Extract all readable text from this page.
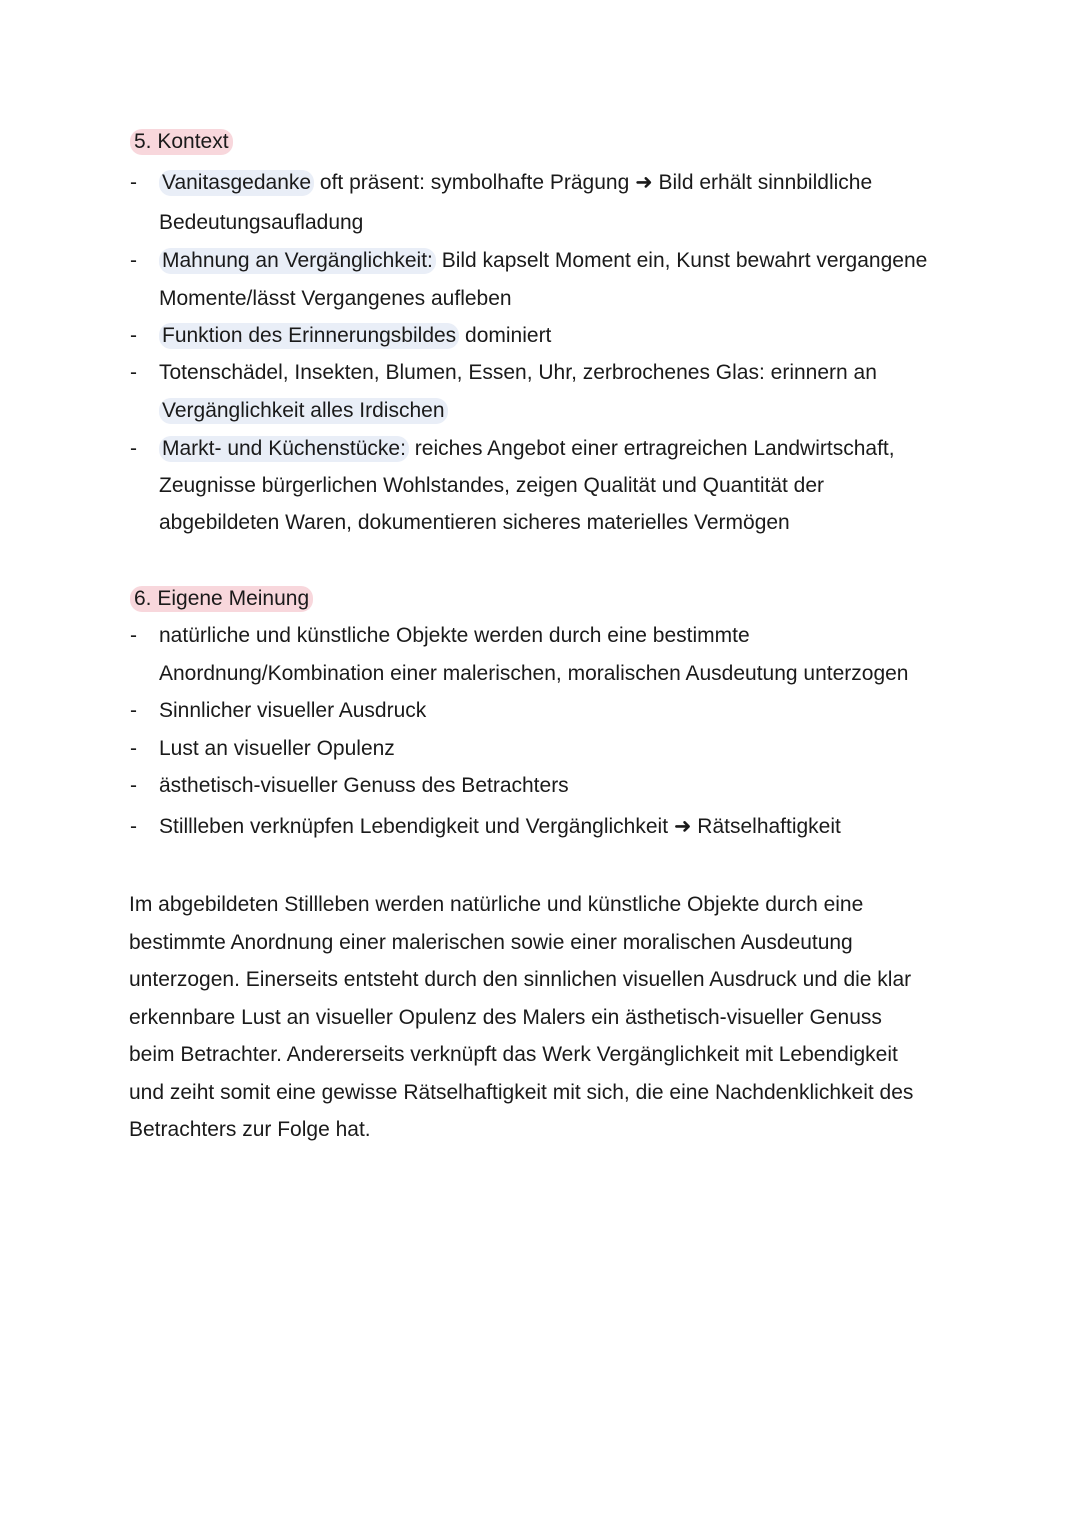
5. Kontext
-	Vanitasgedanke oft präsent: symbolhafte Prägung ➜ Bild erhält sinnbildliche
Bedeutungsaufladung
-	Mahnung an Vergänglichkeit: Bild kapselt Moment ein, Kunst bewahrt vergangene
Momente/lässt Vergangenes aufleben
-	Funktion des Erinnerungsbildes dominiert
-	Totenschädel, Insekten, Blumen, Essen, Uhr, zerbrochenes Glas: erinnern an
Vergänglichkeit alles Irdischen
-	Markt- und Küchenstücke: reiches Angebot einer ertragreichen Landwirtschaft,
Zeugnisse bürgerlichen Wohlstandes, zeigen Qualität und Quantität der
abgebildeten Waren, dokumentieren sicheres materielles Vermögen
6. Eigene Meinung
-	natürliche und künstliche Objekte werden durch eine bestimmte
Anordnung/Kombination einer malerischen, moralischen Ausdeutung unterzogen
-	Sinnlicher visueller Ausdruck
-	Lust an visueller Opulenz
-	ästhetisch-visueller Genuss des Betrachters
-	Stillleben verknüpfen Lebendigkeit und Vergänglichkeit ➜ Rätselhaftigkeit
Im abgebildeten Stillleben werden natürliche und künstliche Objekte durch eine
bestimmte Anordnung einer malerischen sowie einer moralischen Ausdeutung
unterzogen. Einerseits entsteht durch den sinnlichen visuellen Ausdruck und die klar
erkennbare Lust an visueller Opulenz des Malers ein ästhetisch-visueller Genuss
beim Betrachter. Andererseits verknüpft das Werk Vergänglichkeit mit Lebendigkeit
und zeiht somit eine gewisse Rätselhaftigkeit mit sich, die eine Nachdenklichkeit des
Betrachters zur Folge hat.
